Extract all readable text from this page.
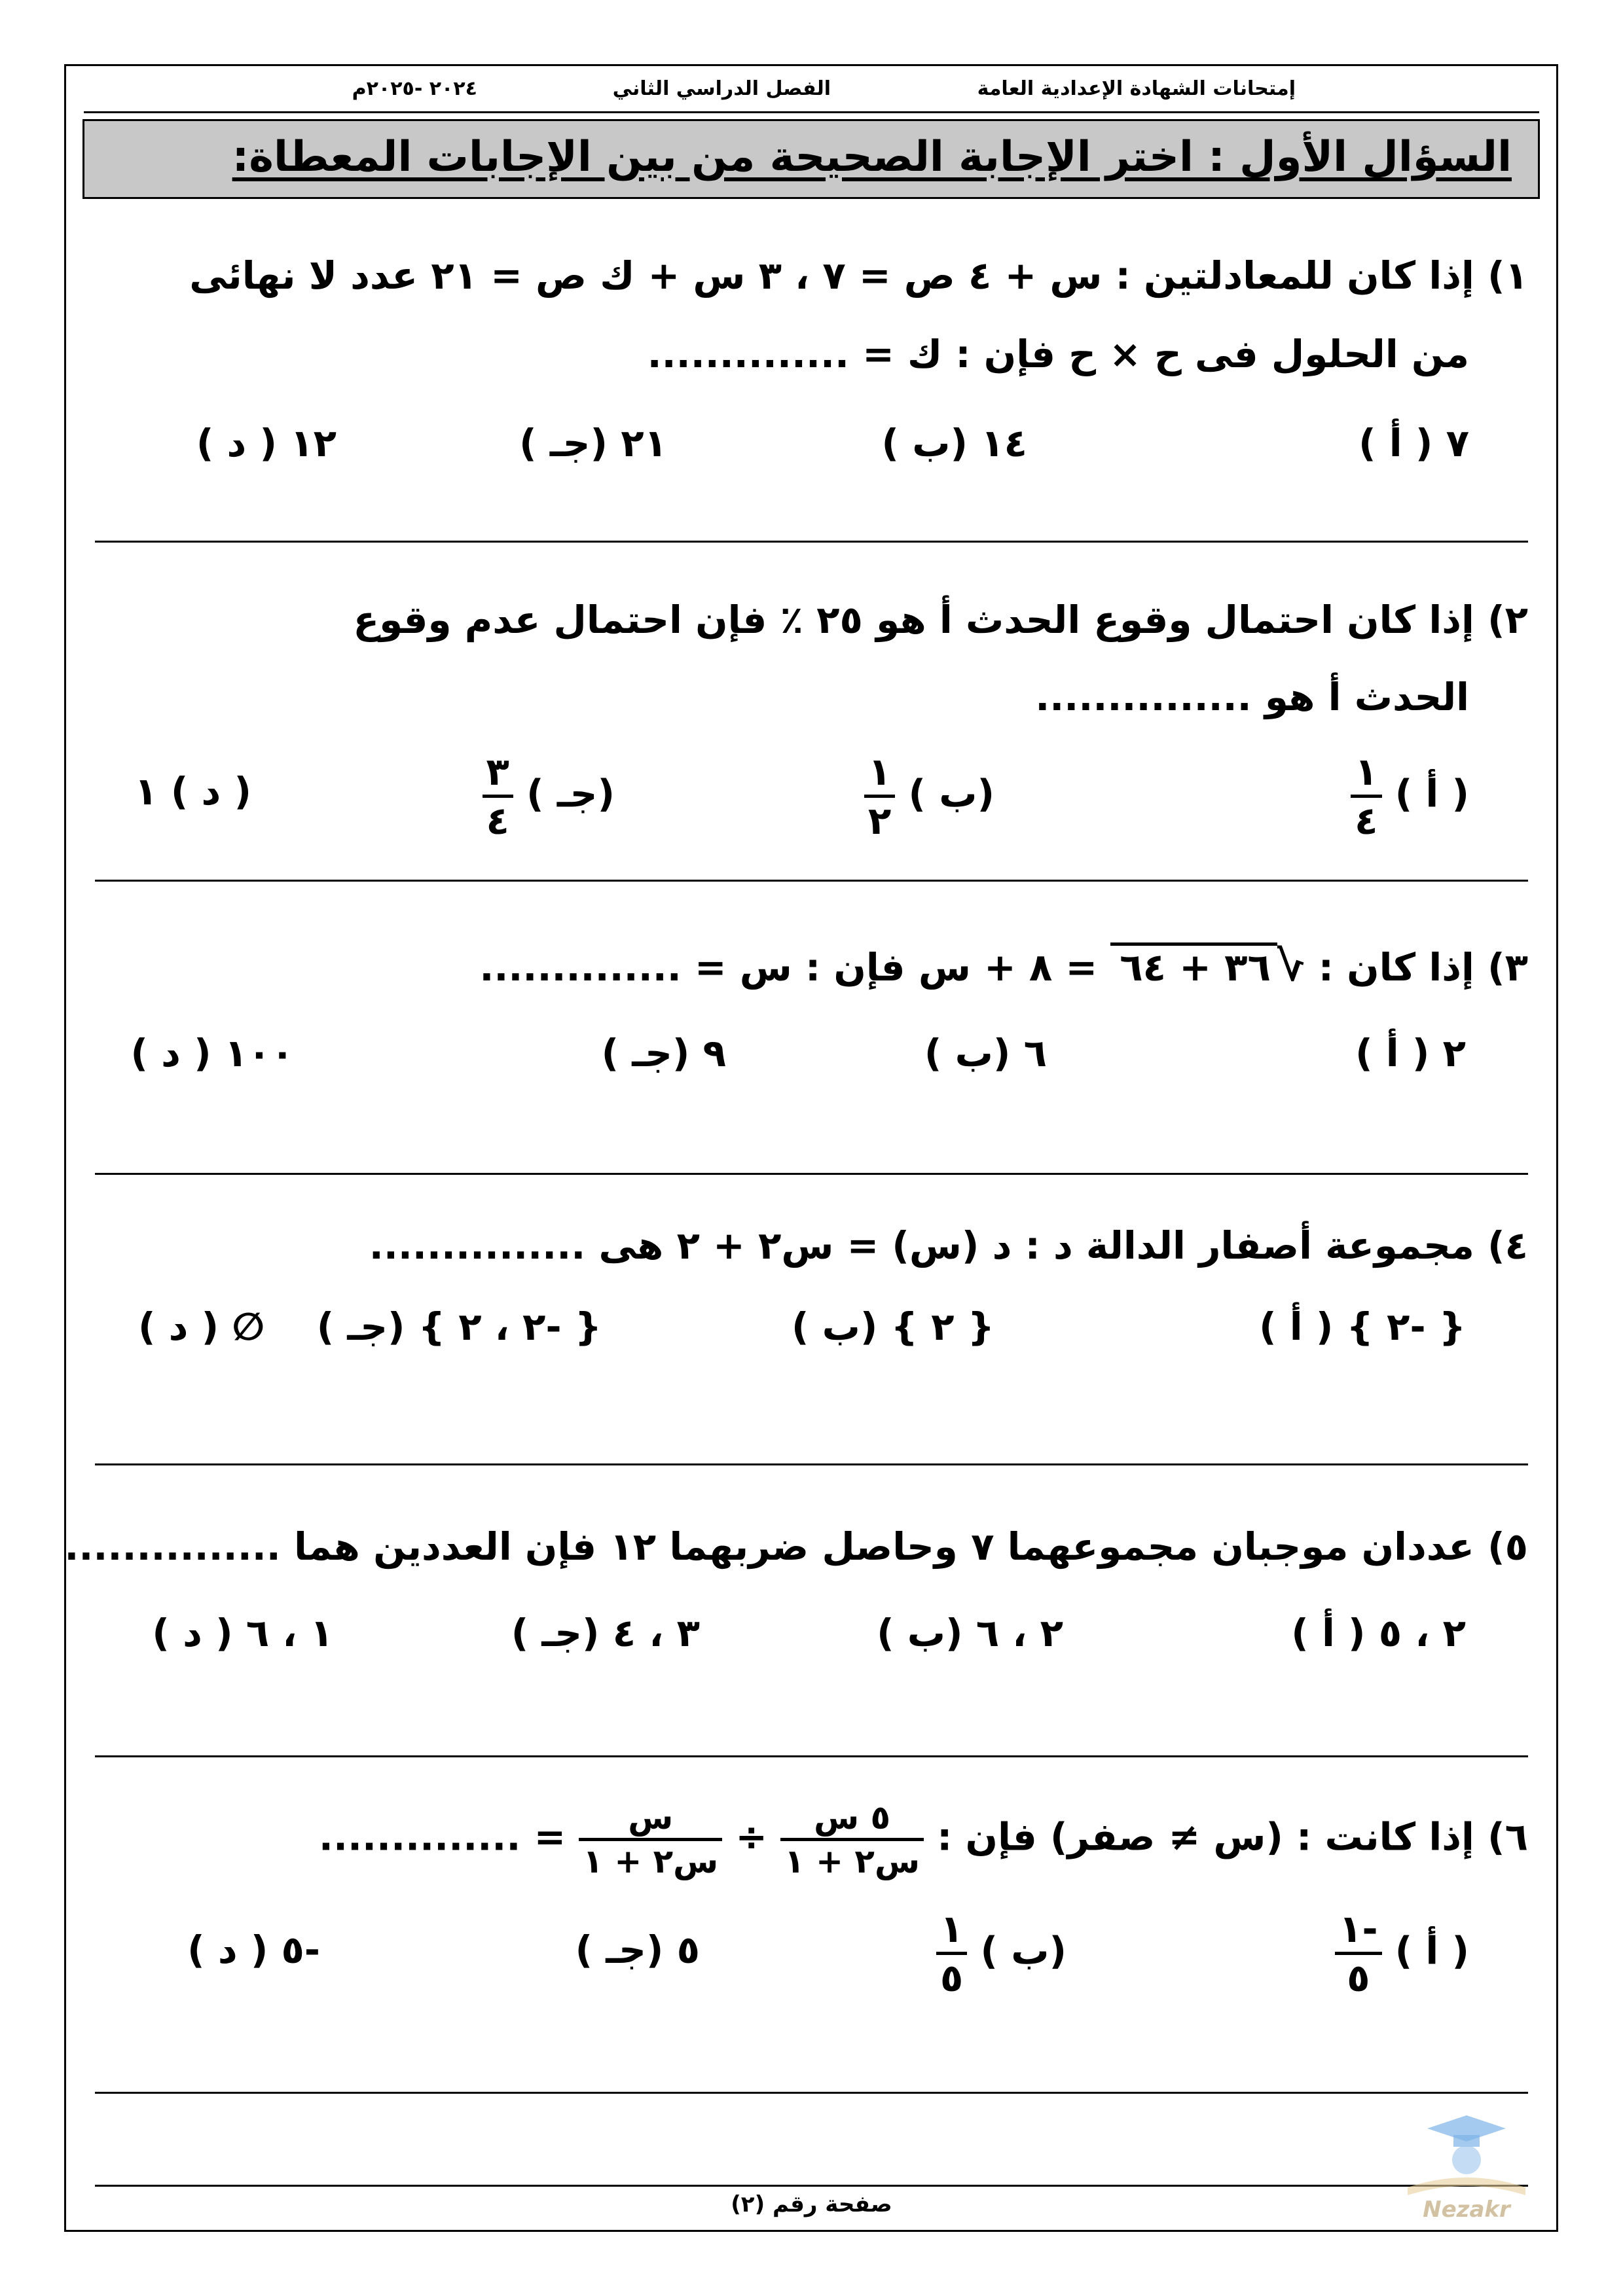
إمتحانات الشهادة الإعدادية العامة
الفصل الدراسي الثاني
٢٠٢٤ -٢٠٢٥م
السؤال الأول : اختر الإجابة الصحيحة من بين الإجابات المعطاة:
١) إذا كان للمعادلتين : س + ٤ ص = ٧ ، ٣ س + ك ص = ٢١ عدد لا نهائى
من الحلول فى ح × ح فإن : ك = ..............
٧ ( أ )
١٤ (ب )
٢١ (جـ )
١٢ ( د )
٢) إذا كان احتمال وقوع الحدث أ هو ٢٥ ٪ فإن احتمال عدم وقوع
الحدث أ هو ...............
( أ )
$\frac{١}{٤}$
(ب )
$\frac{١}{٢}$
(جـ )
$\frac{٣}{٤}$
( د ) ١
٣) إذا كان : √٣٦ + ٦٤ = ٨ + س فإن : س = ..............
٢ ( أ )
٦ (ب )
٩ (جـ )
١٠٠ ( د )
٤) مجموعة أصفار الدالة د : د (س) = س٢ + ٢ هى ...............
{ -٢ } ( أ )
{ ٢ } (ب )
{ -٢ ، ٢ } (جـ )
∅ ( د )
٥) عددان موجبان مجموعهما ٧ وحاصل ضربهما ١٢ فإن العددين هما ...............
٢ ، ٥ ( أ )
٢ ، ٦ (ب )
٣ ، ٤ (جـ )
١ ، ٦ ( د )
٦) إذا كانت : (س ≠ صفر) فإن :
$\frac{\text{٥ س}}{\text{س٢ + ١}}$
÷
$\frac{\text{س}}{\text{س٢ + ١}}$
= ..............
( أ )
$\frac{-١}{٥}$
(ب )
$\frac{١}{٥}$
٥ (جـ )
-٥ ( د )
صفحة رقم (٢)	Nezakr
